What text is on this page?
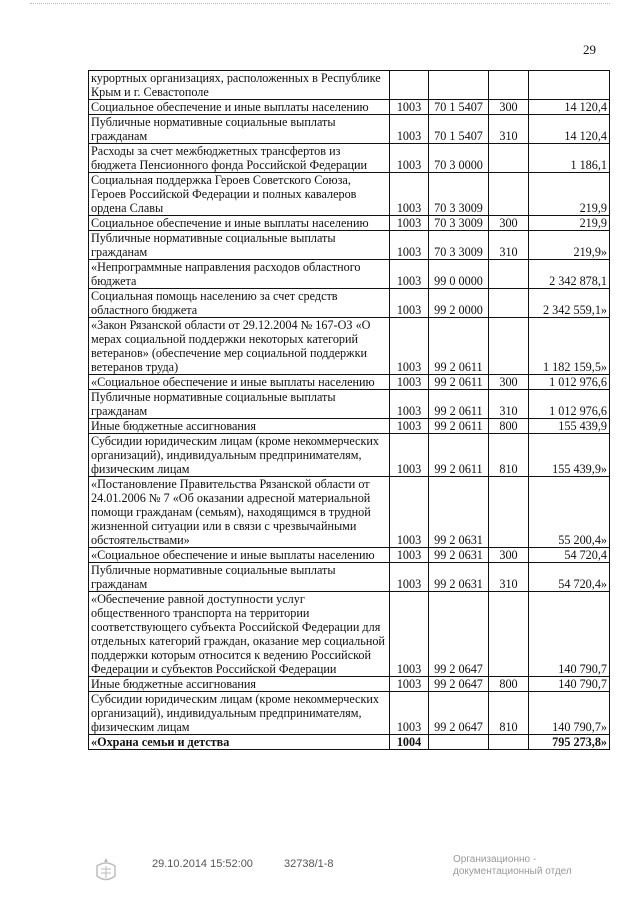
29
курортных организациях, расположенных в Республике Крым и г. Севастополе				
Социальное обеспечение и иные выплаты населению	1003	70 1 5407	300	14 120,4
Публичные нормативные социальные выплаты гражданам	1003	70 1 5407	310	14 120,4
Расходы за счет межбюджетных трансфертов из бюджета Пенсионного фонда Российской Федерации	1003	70 3 0000		1 186,1
Социальная поддержка Героев Советского Союза, Героев Российской Федерации и полных кавалеров ордена Славы	1003	70 3 3009		219,9
Социальное обеспечение и иные выплаты населению	1003	70 3 3009	300	219,9
Публичные нормативные социальные выплаты гражданам	1003	70 3 3009	310	219,9»
«Непрограммные направления расходов областного бюджета	1003	99 0 0000		2 342 878,1
Социальная помощь населению за счет средств областного бюджета	1003	99 2 0000		2 342 559,1»
«Закон Рязанской области от 29.12.2004 № 167-ОЗ «О мерах социальной поддержки некоторых категорий ветеранов» (обеспечение мер социальной поддержки ветеранов труда)	1003	99 2 0611		1 182 159,5»
«Социальное обеспечение и иные выплаты населению	1003	99 2 0611	300	1 012 976,6
Публичные нормативные социальные выплаты гражданам	1003	99 2 0611	310	1 012 976,6
Иные бюджетные ассигнования	1003	99 2 0611	800	155 439,9
Субсидии юридическим лицам (кроме некоммерческих организаций), индивидуальным предпринимателям, физическим лицам	1003	99 2 0611	810	155 439,9»
«Постановление Правительства Рязанской области от 24.01.2006 № 7 «Об оказании адресной материальной помощи гражданам (семьям), находящимся в трудной жизненной ситуации или в связи с чрезвычайными обстоятельствами»	1003	99 2 0631		55 200,4»
«Социальное обеспечение и иные выплаты населению	1003	99 2 0631	300	54 720,4
Публичные нормативные социальные выплаты гражданам	1003	99 2 0631	310	54 720,4»
«Обеспечение равной доступности услуг общественного транспорта на территории соответствующего субъекта Российской Федерации для отдельных категорий граждан, оказание мер социальной поддержки которым относится к ведению Российской Федерации и субъектов Российской Федерации	1003	99 2 0647		140 790,7
Иные бюджетные ассигнования	1003	99 2 0647	800	140 790,7
Субсидии юридическим лицам (кроме некоммерческих организаций), индивидуальным предпринимателям, физическим лицам	1003	99 2 0647	810	140 790,7»
«Охрана семьи и детства	1004			795 273,8»
29.10.2014 15:52:00	32738/1-8	Организационно -
документационный отдел
